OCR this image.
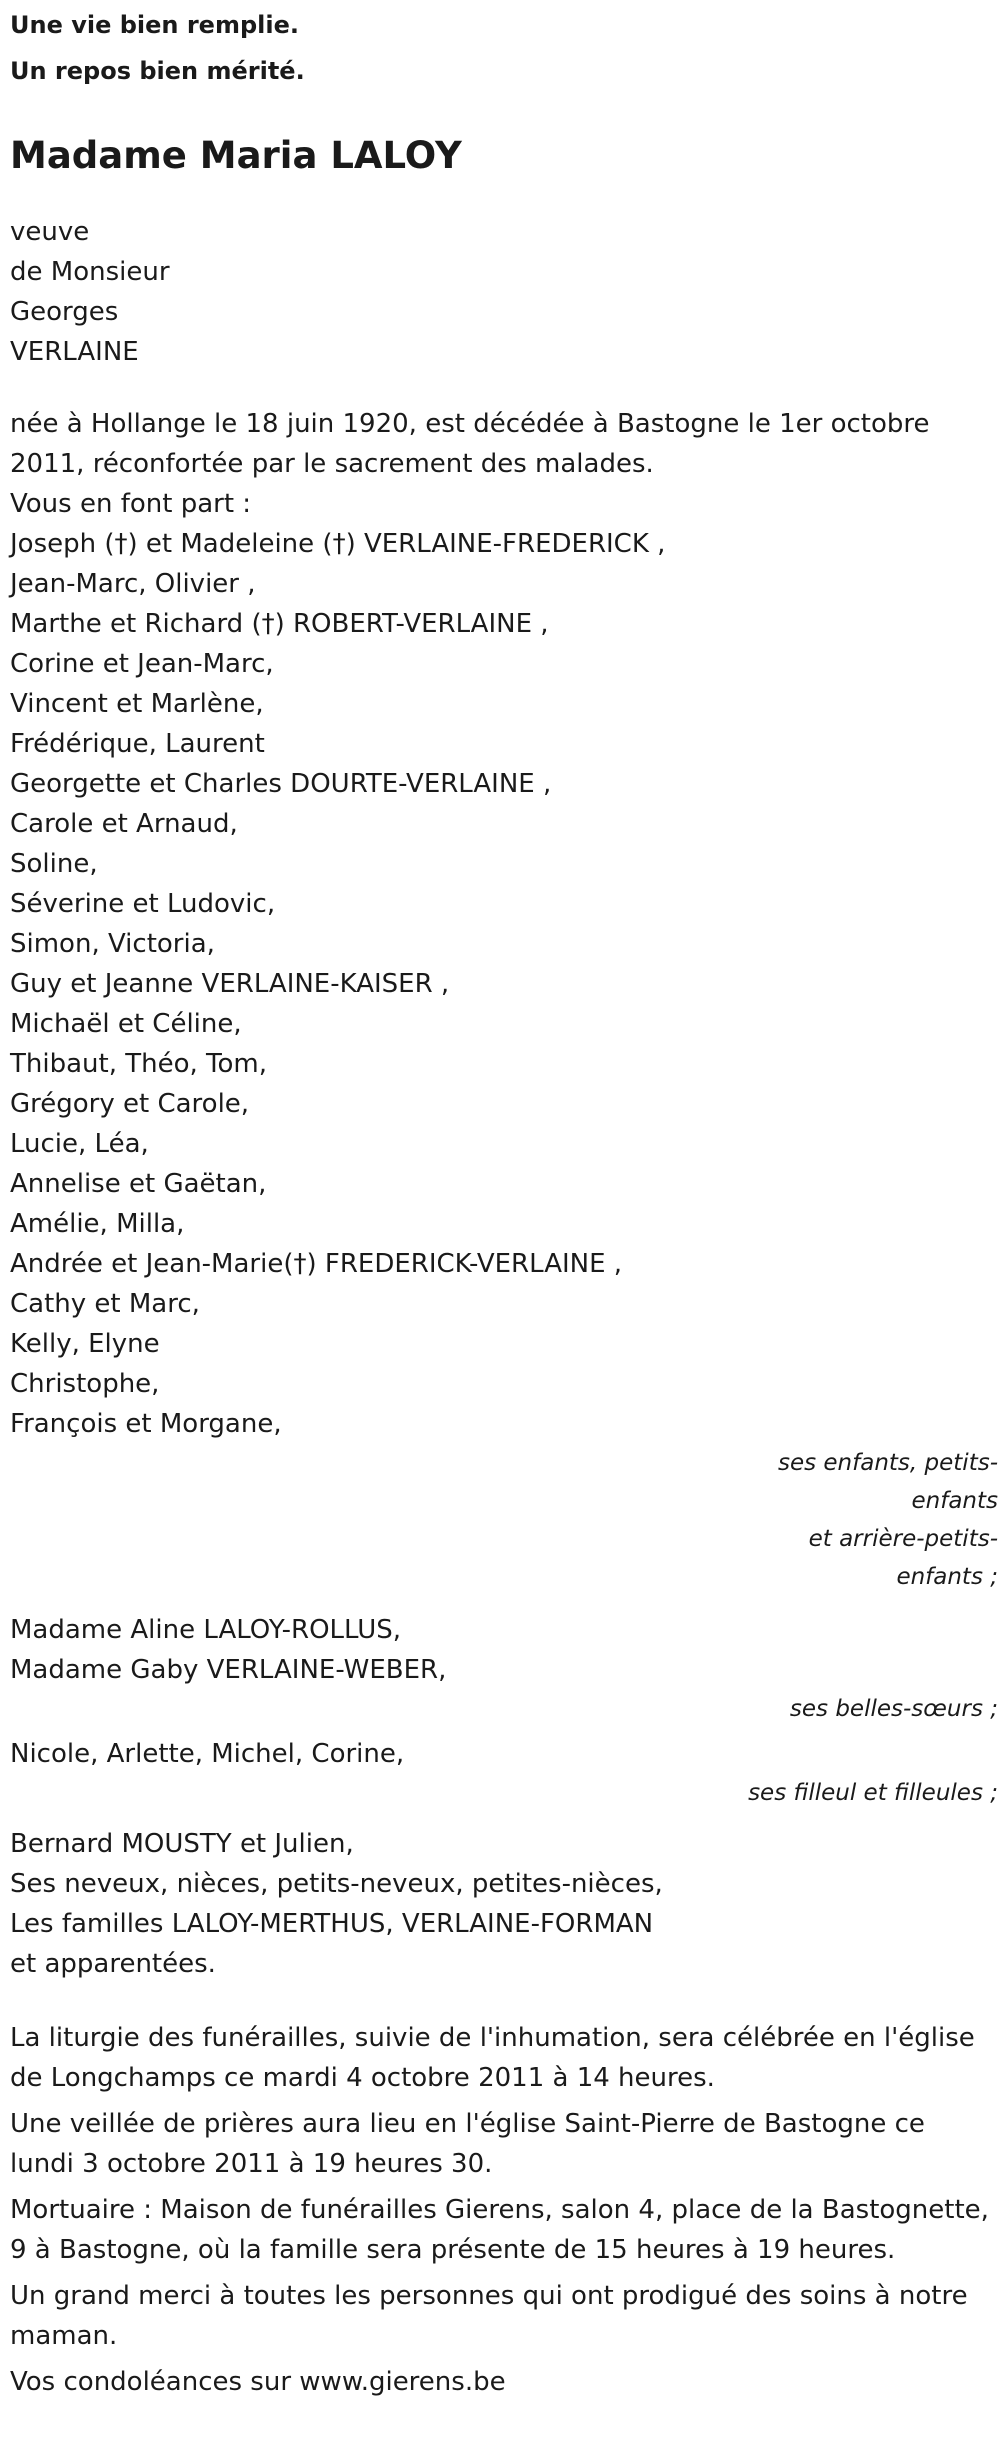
Une vie bien remplie.

Un repos bien mérité.

Madame Maria LALOY

veuve

de Monsieur

Georges

VERLAINE

née à Hollange le 18 juin 1920, est décédée à Bastogne le 1er octobre 2011, réconfortée par le sacrement des malades.

Vous en font part :

Joseph (†) et Madeleine (†) VERLAINE-FREDERICK ,

Jean-Marc, Olivier ,

Marthe et Richard (†) ROBERT-VERLAINE ,

Corine et Jean-Marc,

Vincent et Marlène,

Frédérique, Laurent

Georgette et Charles DOURTE-VERLAINE ,

Carole et Arnaud,

Soline,

Séverine et Ludovic,

Simon, Victoria,

Guy et Jeanne VERLAINE-KAISER ,

Michaël et Céline,

Thibaut, Théo, Tom,

Grégory et Carole,

Lucie, Léa,

Annelise et Gaëtan,

Amélie, Milla,

Andrée et Jean-Marie(†) FREDERICK-VERLAINE ,

Cathy et Marc,

Kelly, Elyne

Christophe,

François et Morgane,

ses enfants, petits-enfants

et arrière-petits-enfants ;

Madame Aline LALOY-ROLLUS,

Madame Gaby VERLAINE-WEBER,

ses belles-sœurs ;

Nicole, Arlette, Michel, Corine,

ses filleul et filleules ;

Bernard MOUSTY et Julien,

Ses neveux, nièces, petits-neveux, petites-nièces,

Les familles LALOY-MERTHUS, VERLAINE-FORMAN

et apparentées.

La liturgie des funérailles, suivie de l'inhumation, sera célébrée en l'église de Longchamps ce mardi 4 octobre 2011 à 14 heures.

Une veillée de prières aura lieu en l'église Saint-Pierre de Bastogne ce lundi 3 octobre 2011 à 19 heures 30.

Mortuaire : Maison de funérailles Gierens, salon 4, place de la Bastognette, 9 à Bastogne, où la famille sera présente de 15 heures à 19 heures.

Un grand merci à toutes les personnes qui ont prodigué des soins à notre maman.

Vos condoléances sur www.gierens.be
